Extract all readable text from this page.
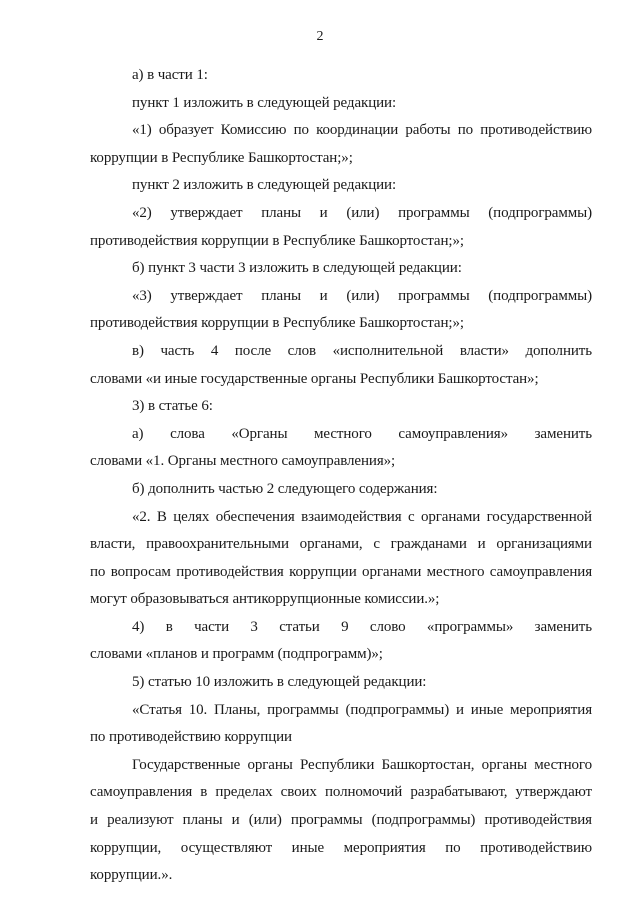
2
а) в части 1:
пункт 1 изложить в следующей редакции:
«1) образует Комиссию по координации работы по противодействию
коррупции в Республике Башкортостан;»;
пункт 2 изложить в следующей редакции:
«2) утверждает планы и (или) программы (подпрограммы)
противодействия коррупции в Республике Башкортостан;»;
б) пункт 3 части 3 изложить в следующей редакции:
«3) утверждает планы и (или) программы (подпрограммы)
противодействия коррупции в Республике Башкортостан;»;
в) часть 4 после слов «исполнительной власти» дополнить
словами «и иные государственные органы Республики Башкортостан»;
3) в статье 6:
а) слова «Органы местного самоуправления» заменить
словами «1. Органы местного самоуправления»;
б) дополнить частью 2 следующего содержания:
«2. В целях обеспечения взаимодействия с органами государственной
власти, правоохранительными органами, с гражданами и организациями
по вопросам противодействия коррупции органами местного самоуправления
могут образовываться антикоррупционные комиссии.»;
4) в части 3 статьи 9 слово «программы» заменить
словами «планов и программ (подпрограмм)»;
5) статью 10 изложить в следующей редакции:
«Статья 10. Планы, программы (подпрограммы) и иные мероприятия
по противодействию коррупции
Государственные органы Республики Башкортостан, органы местного
самоуправления в пределах своих полномочий разрабатывают, утверждают
и реализуют планы и (или) программы (подпрограммы) противодействия
коррупции, осуществляют иные мероприятия по противодействию
коррупции.».
